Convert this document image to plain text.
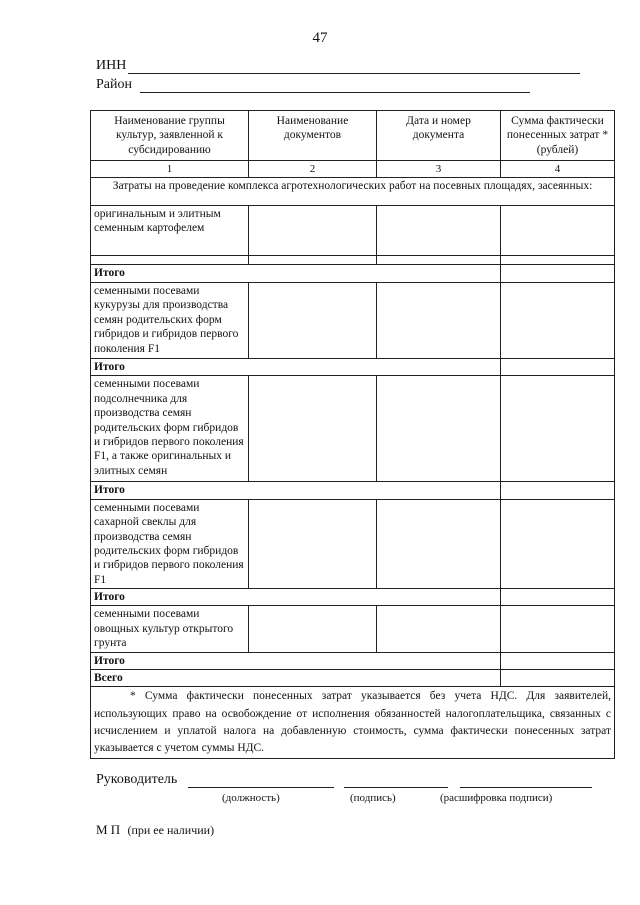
47
ИНН
Район
Наименование группы культур, заявленной к субсидированию	Наименование документов	Дата и номер документа	Сумма фактически понесенных затрат * (рублей)
1	2	3	4
Затраты на проведение комплекса агротехнологических работ на посевных площадях, засеянных:			
оригинальным и элитным семенным картофелем			

Итого			
семенными посевами кукурузы для производства семян родительских форм гибридов и гибридов первого поколения F1			
Итого			
семенными посевами подсолнечника для производства семян родительских форм гибридов и гибридов первого поколения F1, а также оригинальных и элитных семян			
Итого			
семенными посевами сахарной свеклы для производства семян родительских форм гибридов и гибридов первого поколения F1			
Итого			
семенными посевами овощных культур открытого грунта			
Итого			
Всего			
* Сумма фактически понесенных затрат указывается без учета НДС. Для заявителей, использующих право на освобождение от исполнения обязанностей налогоплательщика, связанных с исчислением и уплатой налога на добавленную стоимость, сумма фактически понесенных затрат указывается с учетом суммы НДС.			
Руководитель
(должность)	(подпись)	(расшифровка подписи)
М П (при ее наличии)
